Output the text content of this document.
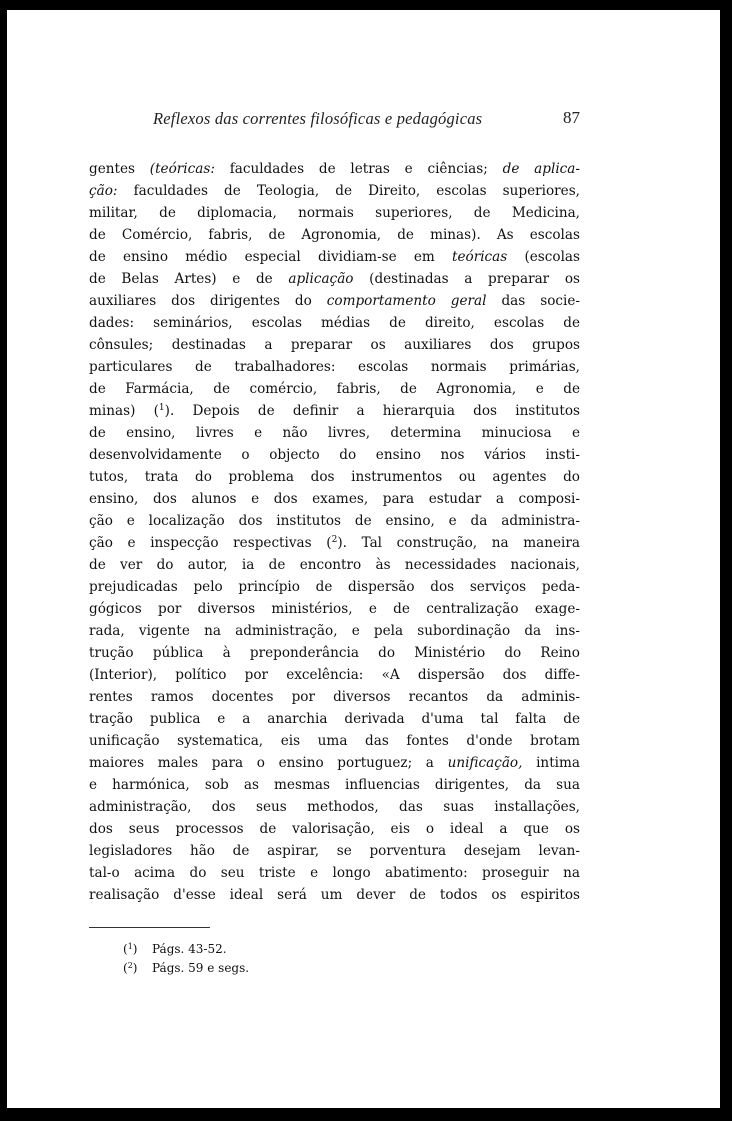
Reflexos das correntes filosóficas e pedagógicas	87
gentes (teóricas: faculdades de letras e ciências; de aplica-
ção: faculdades de Teologia, de Direito, escolas superiores,
militar, de diplomacia, normais superiores, de Medicina,
de Comércio, fabris, de Agronomia, de minas). As escolas
de ensino médio especial dividiam-se em teóricas (escolas
de Belas Artes) e de aplicação (destinadas a preparar os
auxiliares dos dirigentes do comportamento geral das socie-
dades: seminários, escolas médias de direito, escolas de
cônsules; destinadas a preparar os auxiliares dos grupos
particulares de trabalhadores: escolas normais primárias,
de Farmácia, de comércio, fabris, de Agronomia, e de
minas) ($^1$). Depois de definir a hierarquia dos institutos
de ensino, livres e não livres, determina minuciosa e
desenvolvidamente o objecto do ensino nos vários insti-
tutos, trata do problema dos instrumentos ou agentes do
ensino, dos alunos e dos exames, para estudar a composi-
ção e localização dos institutos de ensino, e da administra-
ção e inspecção respectivas ($^2$). Tal construção, na maneira
de ver do autor, ia de encontro às necessidades nacionais,
prejudicadas pelo princípio de dispersão dos serviços peda-
gógicos por diversos ministérios, e de centralização exage-
rada, vigente na administração, e pela subordinação da ins-
trução pública à preponderância do Ministério do Reino
(Interior), político por excelência: «A dispersão dos diffe-
rentes ramos docentes por diversos recantos da adminis-
tração publica e a anarchia derivada d'uma tal falta de
unificação systematica, eis uma das fontes d'onde brotam
maiores males para o ensino portuguez; a unificação, intima
e harmónica, sob as mesmas influencias dirigentes, da sua
administração, dos seus methodos, das suas installações,
dos seus processos de valorisação, eis o ideal a que os
legisladores hão de aspirar, se porventura desejam levan-
tal-o acima do seu triste e longo abatimento: proseguir na
realisação d'esse ideal será um dever de todos os espiritos
($^1$) Págs. 43-52.
($^2$) Págs. 59 e segs.
